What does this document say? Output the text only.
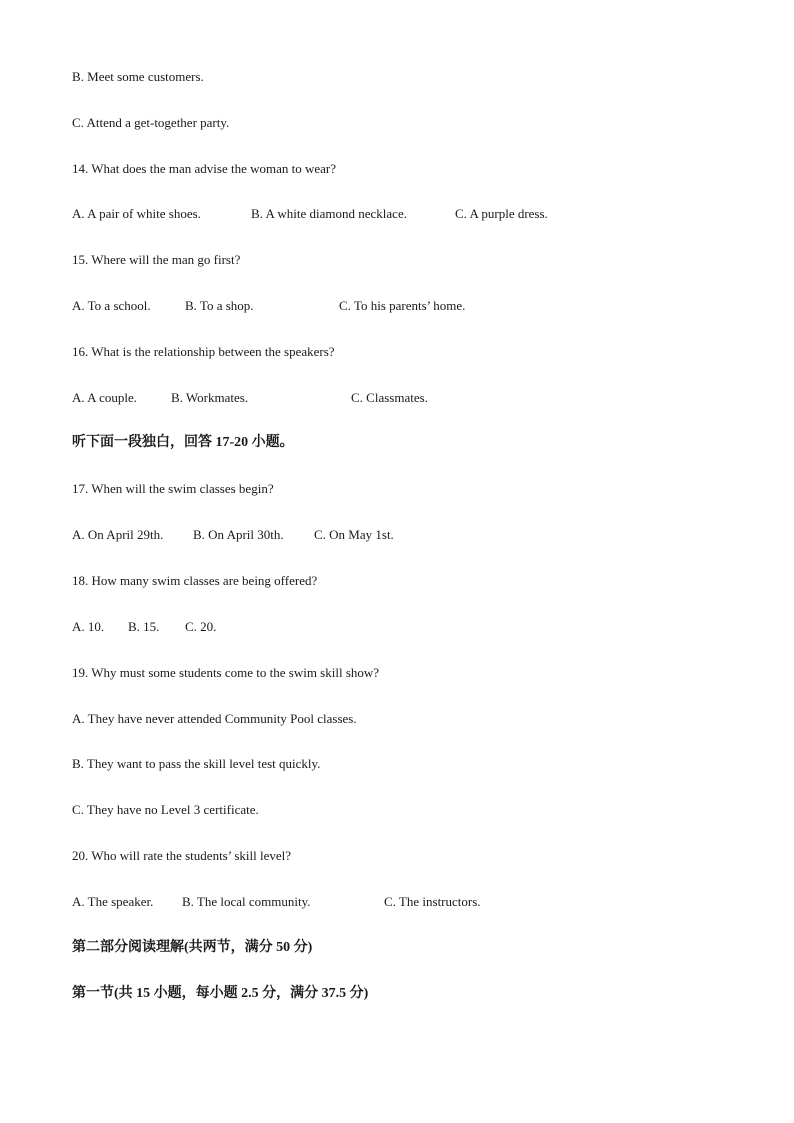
B. Meet some customers.
C. Attend a get-together party.
14. What does the man advise the woman to wear?
A. A pair of white shoes.	B. A white diamond necklace.	C. A purple dress.
15. Where will the man go first?
A. To a school.	B. To a shop.	C. To his parents’ home.
16. What is the relationship between the speakers?
A. A couple.	B. Workmates.	C. Classmates.
听下面一段独白，回答 17-20 小题。
17. When will the swim classes begin?
A. On April 29th. B. On April 30th. C. On May 1st.
18. How many swim classes are being offered?
A. 10. B. 15. C. 20.
19. Why must some students come to the swim skill show?
A. They have never attended Community Pool classes.
B. They want to pass the skill level test quickly.
C. They have no Level 3 certificate.
20. Who will rate the students’ skill level?
A. The speaker. B. The local community.	C. The instructors.
第二部分阅读理解(共两节，满分 50 分)
第一节(共 15 小题，每小题 2.5 分，满分 37.5 分)
